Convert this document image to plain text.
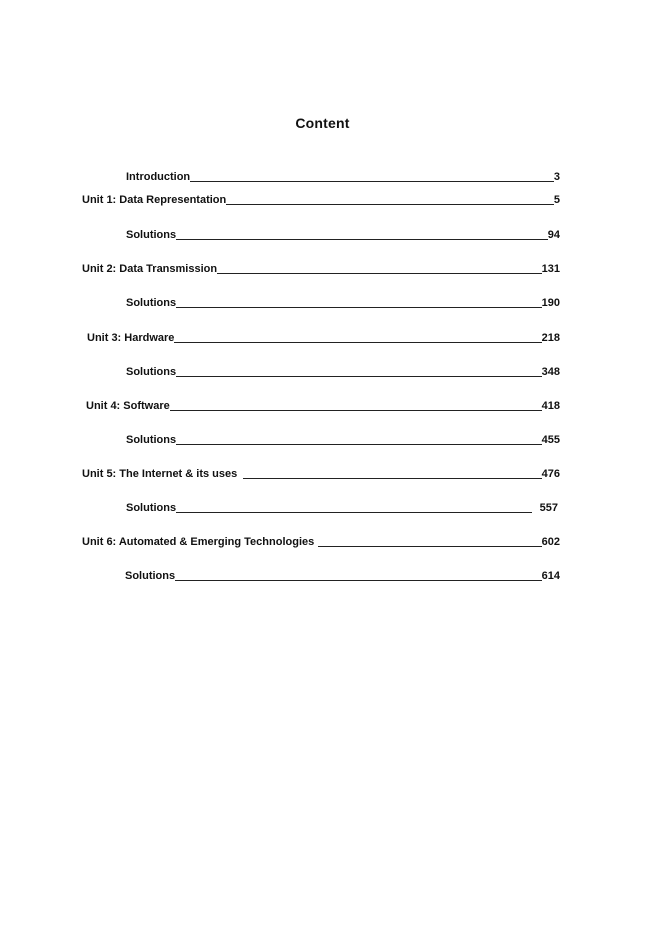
Content
Introduction	3
Unit 1: Data Representation	5
Solutions	94
Unit 2: Data Transmission	131
Solutions	190
Unit 3: Hardware	218
Solutions	348
Unit 4: Software	418
Solutions	455
Unit 5: The Internet & its uses	476
Solutions	557
Unit 6: Automated & Emerging Technologies	602
Solutions	614
